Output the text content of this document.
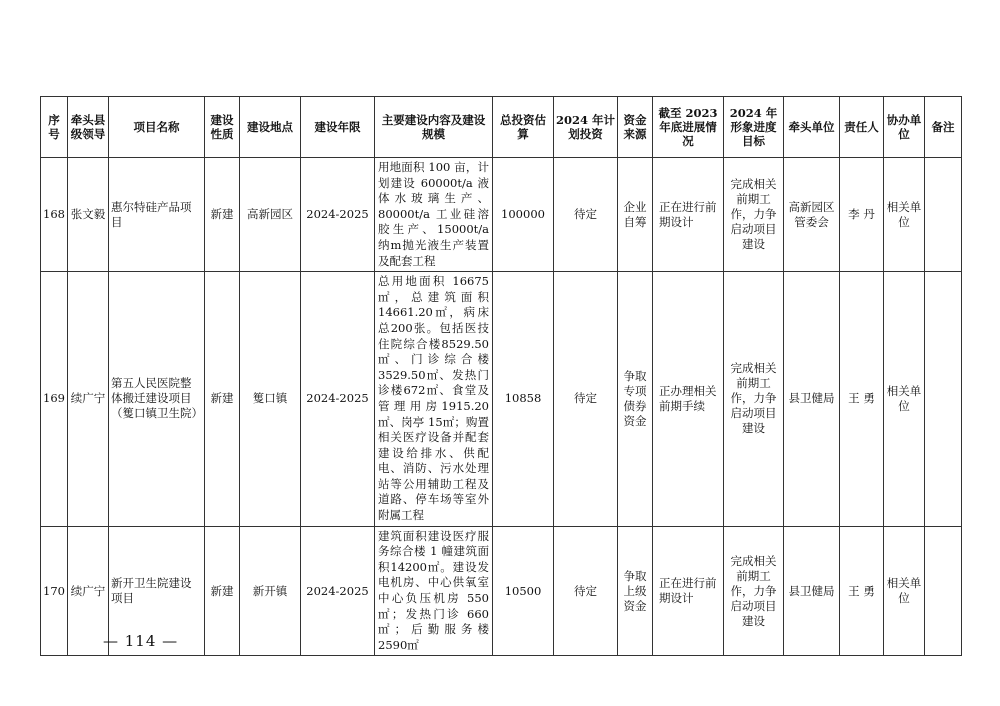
序号	牵头县级领导	项目名称	建设性质	建设地点	建设年限	主要建设内容及建设规模	总投资估算	2024 年计划投资	资金来源	截至 2023 年底进展情况	2024 年形象进度目标	牵头单位	责任人	协办单位	备注
168	张文毅	惠尔特硅产品项目	新建	高新园区	2024-2025	用地面积 100 亩，计划建设 60000t/a 液体水玻璃生产、80000t/a 工业硅溶胶生产、15000t/a 纳m抛光液生产装置及配套工程	100000	待定	企业自筹	正在进行前期设计	完成相关前期工作，力争启动项目建设	高新园区管委会	李 丹	相关单位	
169	续广宁	第五人民医院整体搬迁建设项目（篗口镇卫生院）	新建	篗口镇	2024-2025	总用地面积 16675㎡，总建筑面积14661.20㎡，病床总200张。包括医技住院综合楼8529.50㎡、门诊综合楼3529.50㎡、发热门诊楼672㎡、食堂及管理用房1915.20㎡、岗亭 15㎡；购置相关医疗设备并配套建设给排水、供配电、消防、污水处理站等公用辅助工程及道路、停车场等室外附属工程	10858	待定	争取专项债券资金	正办理相关前期手续	完成相关前期工作，力争启动项目建设	县卫健局	王 勇	相关单位	
170	续广宁	新开卫生院建设项目	新建	新开镇	2024-2025	建筑面积建设医疗服务综合楼 1 幢建筑面积14200㎡。建设发电机房、中心供氧室中心负压机房 550㎡；发热门诊 660㎡；后勤服务楼 2590㎡	10500	待定	争取上级资金	正在进行前期设计	完成相关前期工作，力争启动项目建设	县卫健局	王 勇	相关单位	
— 114 —
